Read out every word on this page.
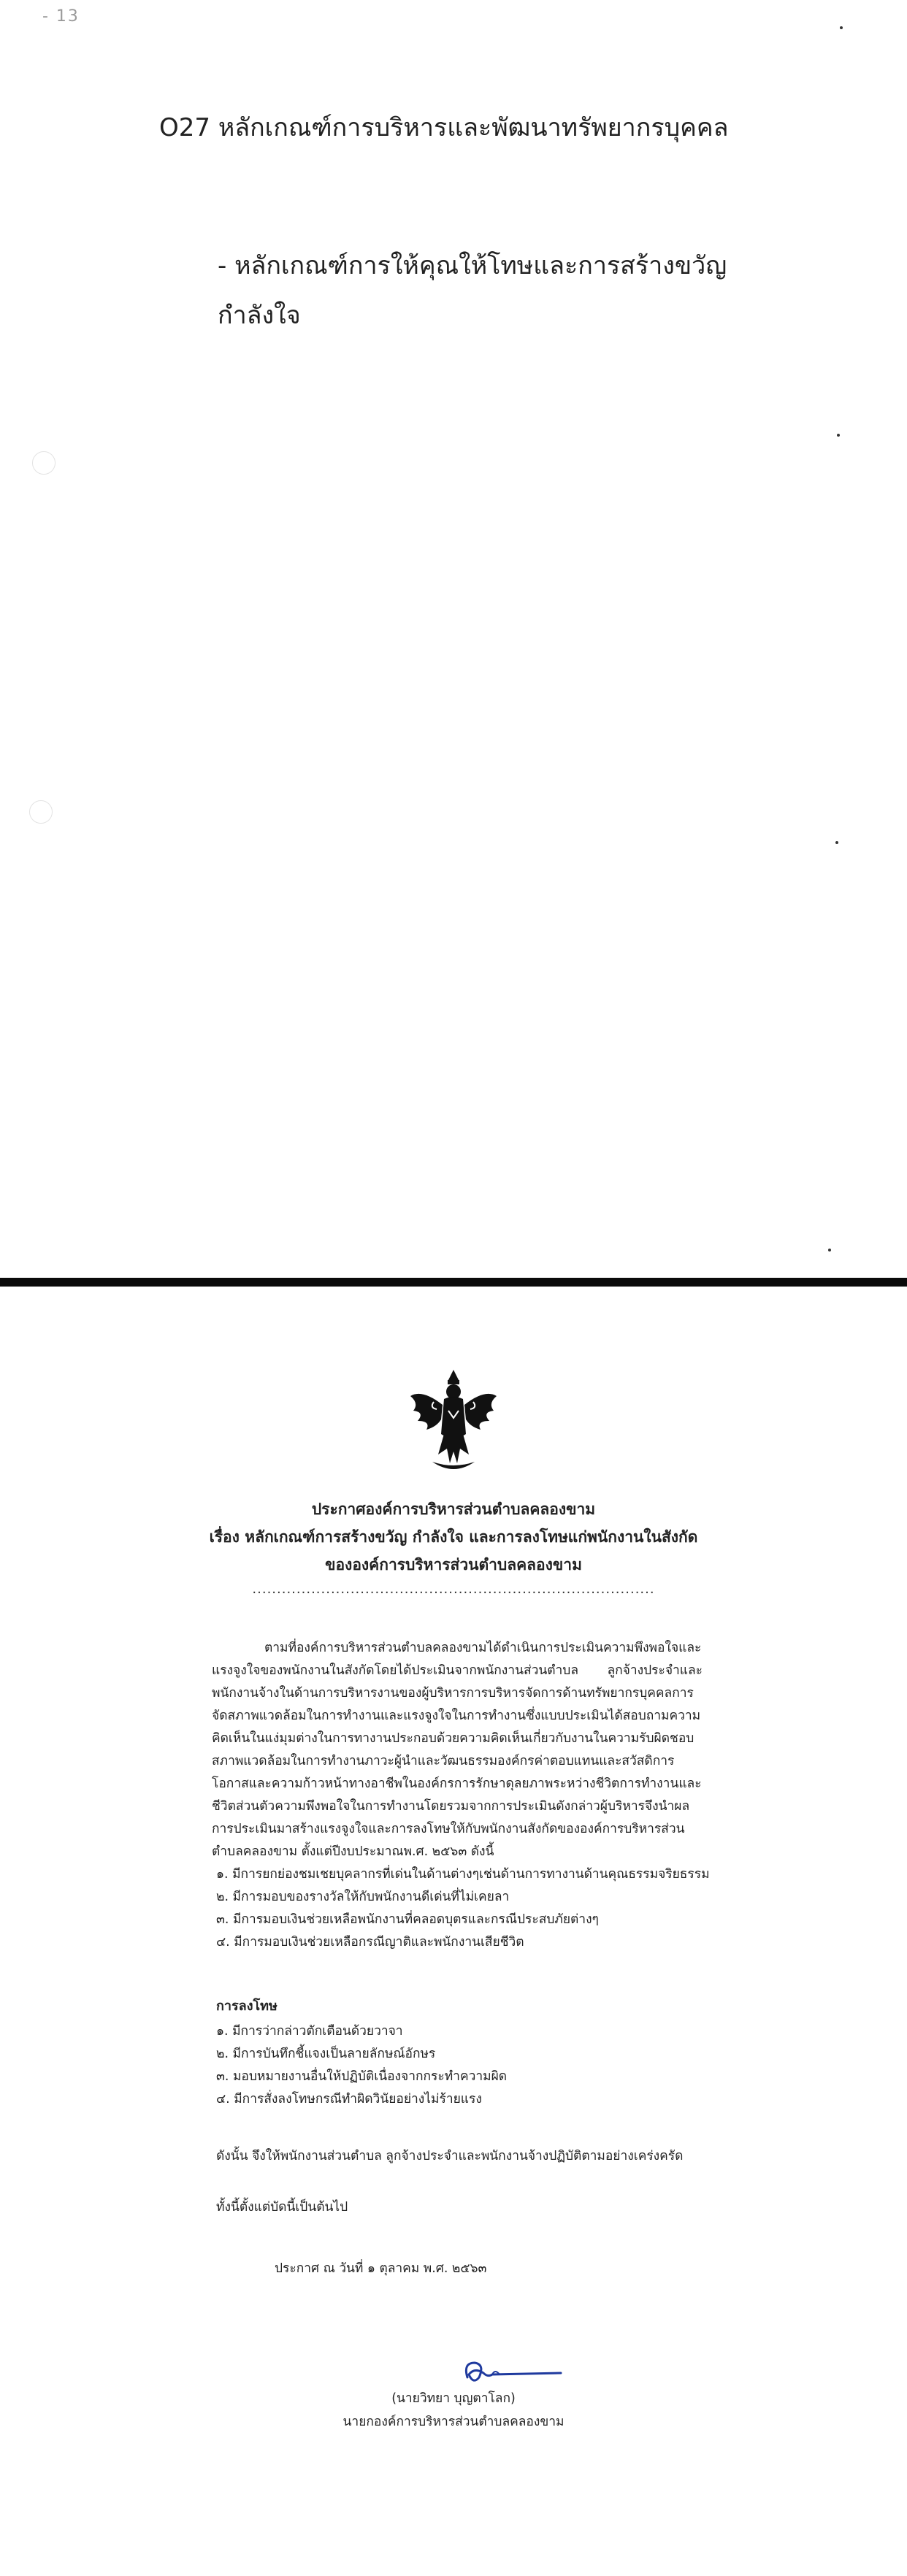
- 13
O27 หลักเกณฑ์การบริหารและพัฒนาทรัพยากรบุคคล
- หลักเกณฑ์การให้คุณให้โทษและการสร้างขวัญกำลังใจ
ประกาศองค์การบริหารส่วนตำบลคลองขาม
เรื่อง หลักเกณฑ์การสร้างขวัญ กำลังใจ และการลงโทษแก่พนักงานในสังกัด
ขององค์การบริหารส่วนตำบลคลองขาม
..................................................................................
ตามที่องค์การบริหารส่วนตำบลคลองขามได้ดำเนินการประเมินความพึงพอใจและแรงจูงใจของพนักงานในสังกัดโดยได้ประเมินจากพนักงานส่วนตำบล ลูกจ้างประจำและพนักงานจ้างในด้านการบริหารงานของผู้บริหารการบริหารจัดการด้านทรัพยากรบุคคลการจัดสภาพแวดล้อมในการทำงานและแรงจูงใจในการทำงานซึ่งแบบประเมินได้สอบถามความคิดเห็นในแง่มุมต่างในการทางานประกอบด้วยความคิดเห็นเกี่ยวกับงานในความรับผิดชอบสภาพแวดล้อมในการทำงานภาวะผู้นำและวัฒนธรรมองค์กรค่าตอบแทนและสวัสดิการโอกาสและความก้าวหน้าทางอาชีพในองค์กรการรักษาดุลยภาพระหว่างชีวิตการทำงานและชีวิตส่วนตัวความพึงพอใจในการทำงานโดยรวมจากการประเมินดังกล่าวผู้บริหารจึงนำผลการประเมินมาสร้างแรงจูงใจและการลงโทษให้กับพนักงานสังกัดขององค์การบริหารส่วนตำบลคลองขาม ตั้งแต่ปีงบประมาณพ.ศ. ๒๕๖๓ ดังนี้
๑. มีการยกย่องชมเชยบุคลากรที่เด่นในด้านต่างๆเช่นด้านการทางานด้านคุณธรรมจริยธรรม
๒. มีการมอบของรางวัลให้กับพนักงานดีเด่นที่ไม่เคยลา
๓. มีการมอบเงินช่วยเหลือพนักงานที่คลอดบุตรและกรณีประสบภัยต่างๆ
๔. มีการมอบเงินช่วยเหลือกรณีญาติและพนักงานเสียชีวิต
การลงโทษ
๑. มีการว่ากล่าวตักเตือนด้วยวาจา
๒. มีการบันทึกชี้แจงเป็นลายลักษณ์อักษร
๓. มอบหมายงานอื่นให้ปฏิบัติเนื่องจากกระทำความผิด
๔. มีการสั่งลงโทษกรณีทำผิดวินัยอย่างไม่ร้ายแรง
ดังนั้น จึงให้พนักงานส่วนตำบล ลูกจ้างประจำและพนักงานจ้างปฏิบัติตามอย่างเคร่งครัด
ทั้งนี้ตั้งแต่บัดนี้เป็นต้นไป
ประกาศ ณ วันที่ ๑ ตุลาคม พ.ศ. ๒๕๖๓
(นายวิทยา บุญตาโลก)
นายกองค์การบริหารส่วนตำบลคลองขาม
